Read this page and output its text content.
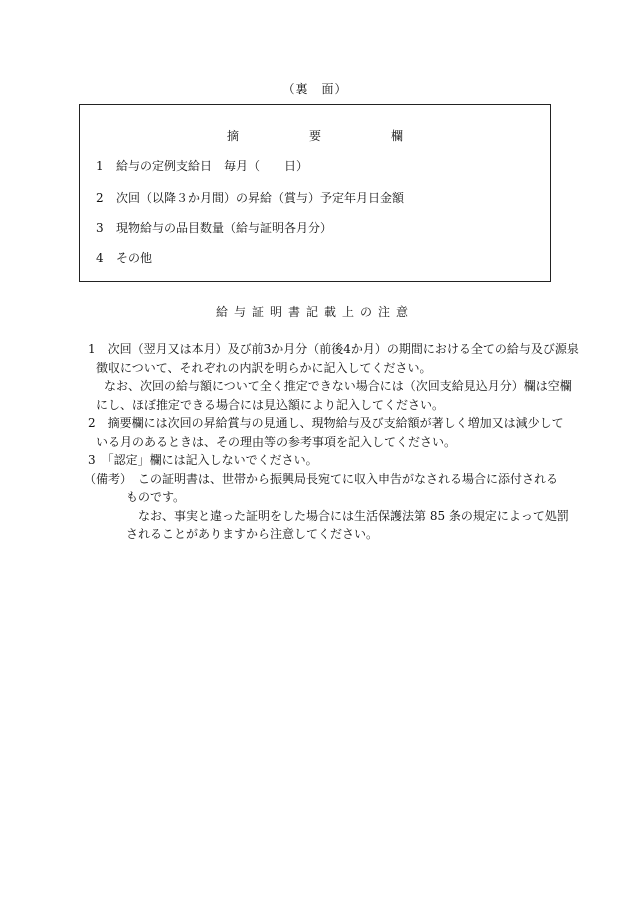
（裏　面）
摘	要	欄
1 給与の定例支給日　毎月（　　日）
2 次回（以降３か月間）の昇給（賞与）予定年月日金額
3 現物給与の品目数量（給与証明各月分）
4 その他
給与証明書記載上の注意
1　次回（翌月又は本月）及び前3か月分（前後4か月）の期間における全ての給与及び源泉
徴収について、それぞれの内訳を明らかに記入してください。
なお、次回の給与額について全く推定できない場合には（次回支給見込月分）欄は空欄
にし、ほぼ推定できる場合には見込額により記入してください。
2　摘要欄には次回の昇給賞与の見通し、現物給与及び支給額が著しく増加又は減少して
いる月のあるときは、その理由等の参考事項を記入してください。
3　「認定」欄には記入しないでください。
（備考）　この証明書は、世帯から振興局長宛てに収入申告がなされる場合に添付される
ものです。
なお、事実と違った証明をした場合には生活保護法第 85 条の規定によって処罰
されることがありますから注意してください。
